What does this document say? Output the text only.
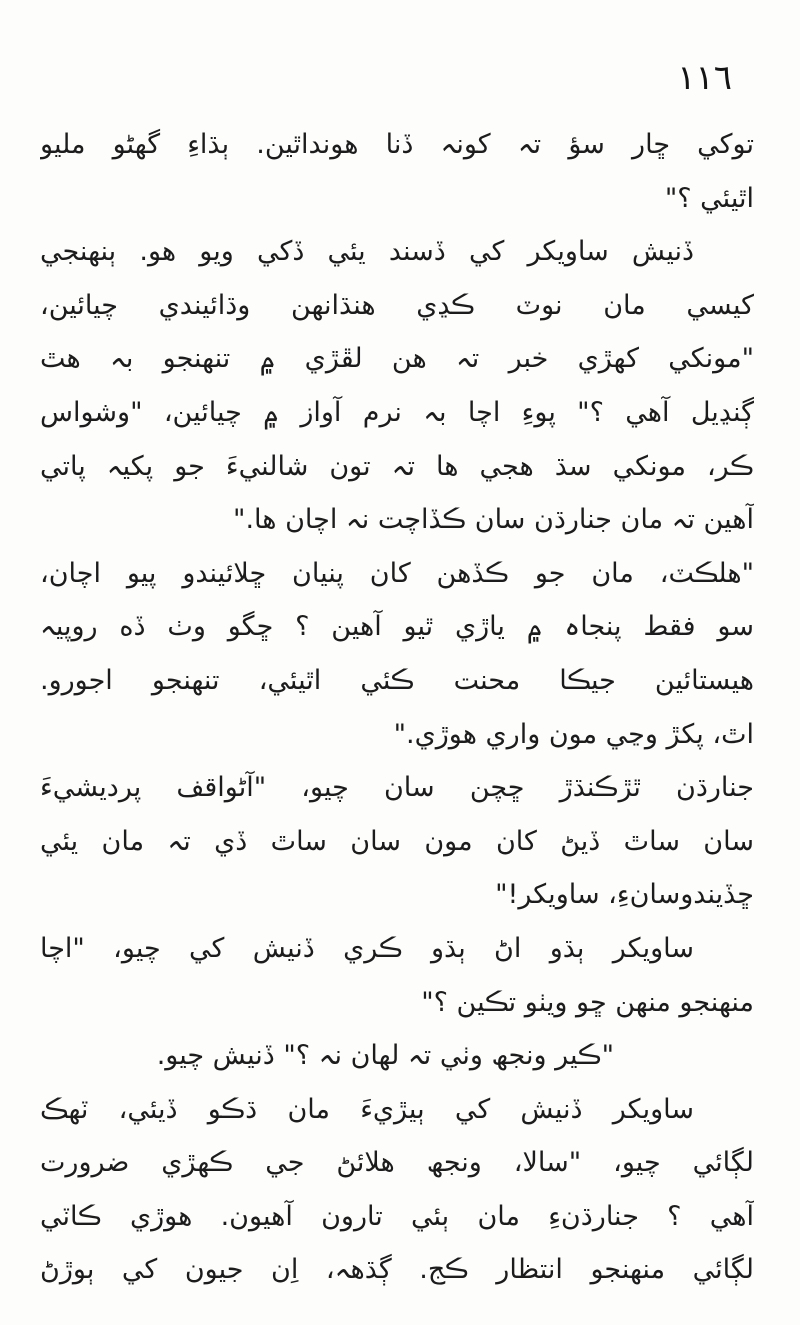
۱۱٦
توکي ڇار سؤ تہ کونہ ڏنا هونداٿين. ٻڌاءِ گھڻو مليو
اٿيئي ؟"
ڏنيش ساويکر کي ڏسند يئي ڏکي ويو هو. ٻنهنجي
کيسي مان نوٽ ڪڍي هنڌانهن وڌائيندي چيائين،
"مونکي کهڙي خبر تہ هن لڦڙي ۾ تنهنجو بہ هٿ
ڳنڍيل آهي ؟" پوءِ اچا بہ نرم آواز ۾ چيائين، "وشواس
ڪر، مونکي سڌ هجي ها تہ تون شالنيءَ جو پکيہ پاتي
آهين تہ مان جنارڌن سان ڪڏاچت نہ اچان ها."
"هلڪٽ، مان جو ڪڏهن کان پنيان ڇلائيندو پيو اچان،
سو فقط پنجاہ ۾ ياڙي ٿيو آهين ؟ ڇگو وٺ ڏه روپيہ
هيستائين جيڪا محنت ڪئي اٿيئي، تنهنجو اجورو.
اٿ، پکڙ وڃي مون واري هوڙي."
جنارڌن ٿڙڪنڌڙ ڇچن سان چيو، "آڻواقف پرديشيءَ
سان ساٿ ڏيڻ کان مون سان ساٿ ڏي تہ مان يئي
ڇڏيندوسانءِ، ساويکر!"
ساويکر ٻڌو اڻ ٻڌو ڪري ڏنيش کي چيو، "اچا
منهنجو منهن ڇو ويٺو تڪين ؟"
"ڪير ونجھ وٺي تہ لهان نہ ؟" ڏنيش چيو.
ساويکر ڏنيش کي ٻيڙيءَ مان ڌڪو ڏيئي، ٽهڪ
لڳائي چيو، "سالا، ونجھ هلائڻ جي ڪهڙي ضرورت
آهي ؟ جنارڌنءِ مان ٻئي تارون آهيون. هوڙي ڪاٽي
لڳائي منهنجو انتظار ڪج. ڳڌهہ، اِن جيون کي ٻوڙڻ
